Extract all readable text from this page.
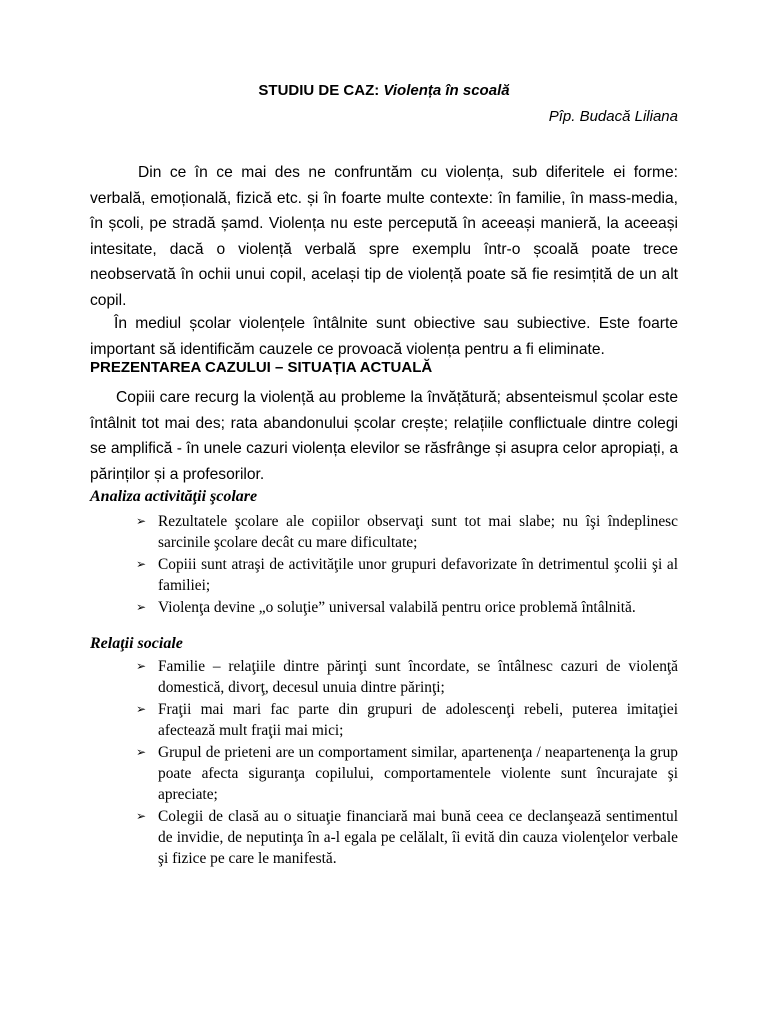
STUDIU DE CAZ: Violența în scoală
Pîp. Budacă Liliana
Din ce în ce mai des ne confruntăm cu violența, sub diferitele ei forme: verbală, emoțională, fizică etc. și în foarte multe contexte: în familie, în mass-media, în școli, pe stradă șamd. Violența nu este percepută în aceeași manieră, la aceeași intesitate, dacă o violență verbală spre exemplu într-o școală poate trece neobservată în ochii unui copil, același tip de violență poate să fie resimțită de un alt copil.
În mediul școlar violențele întâlnite sunt obiective sau subiective. Este foarte important să identificăm cauzele ce provoacă violența pentru a fi eliminate.
PREZENTAREA CAZULUI – SITUAȚIA ACTUALĂ
Copiii care recurg la violență au probleme la învățătură; absenteismul școlar este întâlnit tot mai des; rata abandonului școlar crește; relațiile conflictuale dintre colegi se amplifică - în unele cazuri violența elevilor se răsfrânge și asupra celor apropiați, a părinților și a profesorilor.
Analiza activităţii şcolare
➢ Rezultatele şcolare ale copiilor observaţi sunt tot mai slabe; nu îşi îndeplinesc sarcinile şcolare decât cu mare dificultate;
➢ Copiii sunt atraşi de activităţile unor grupuri defavorizate în detrimentul şcolii şi al familiei;
➢ Violenţa devine „o soluţie” universal valabilă pentru orice problemă întâlnită.
Relaţii sociale
➢ Familie – relaţiile dintre părinţi sunt încordate, se întâlnesc cazuri de violenţă domestică, divorţ, decesul unuia dintre părinţi;
➢ Fraţii mai mari fac parte din grupuri de adolescenţi rebeli, puterea imitaţiei afectează mult fraţii mai mici;
➢ Grupul de prieteni are un comportament similar, apartenenţa / neapartenenţa la grup poate afecta siguranţa copilului, comportamentele violente sunt încurajate şi apreciate;
➢ Colegii de clasă au o situaţie financiară mai bună ceea ce declanşează sentimentul de invidie, de neputinţa în a-l egala pe celălalt, îi evită din cauza violenţelor verbale şi fizice pe care le manifestă.
